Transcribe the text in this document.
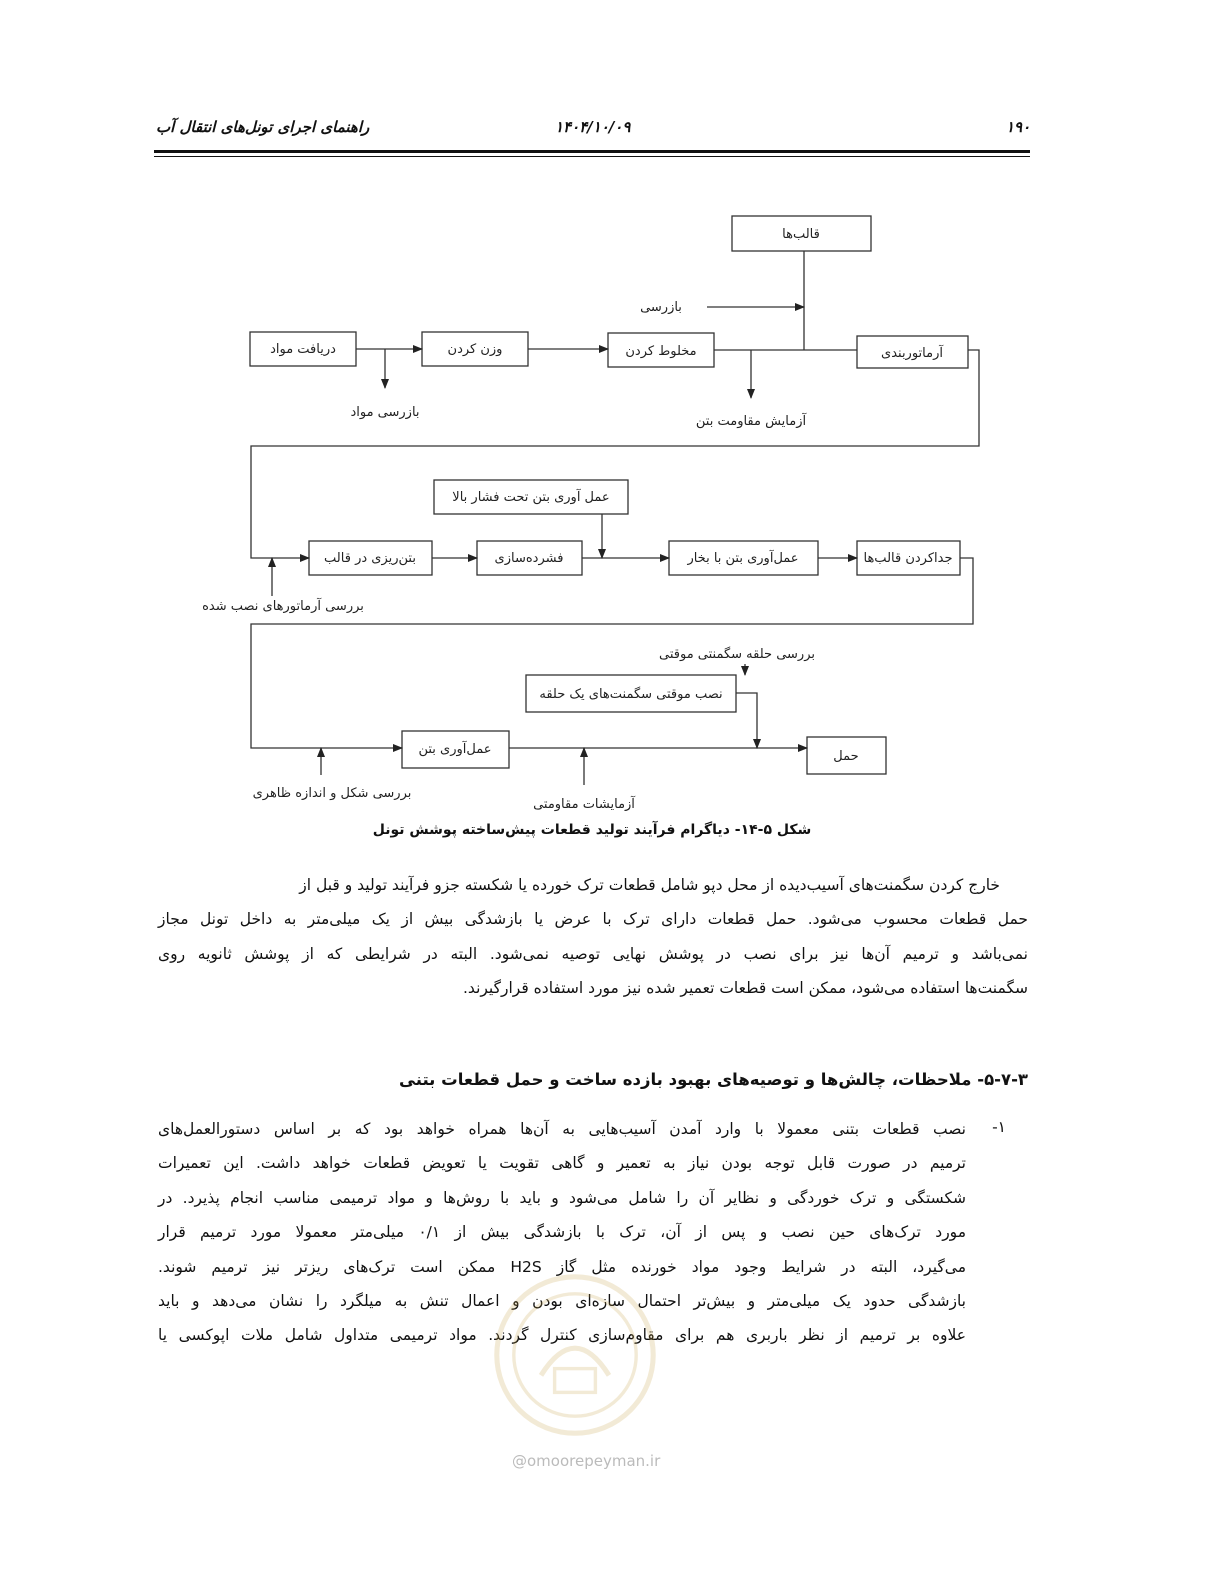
۱۹۰
۱۴۰۴/۱۰/۰۹
راهنمای اجرای تونل‌های انتقال آب
قالب‌ها
دریافت مواد	وزن کردن	مخلوط کردن	آرماتوربندی
عمل آوری بتن تحت فشار بالا
بتن‌ریزی در قالب	فشرده‌سازی	عمل‌آوری بتن با بخار	جداکردن قالب‌ها
نصب موقتی سگمنت‌های یک حلقه
عمل‌آوری بتن	حمل
بازرسی
بازرسی مواد
آزمایش مقاومت بتن
بررسی آرماتورهای نصب شده
بررسی حلقه سگمنتی موقتی
بررسی شکل و اندازه ظاهری
آزمایشات مقاومتی
شکل ۵-۱۴- دیاگرام فرآیند تولید قطعات پیش‌ساخته پوشش تونل
خارج کردن سگمنت‌های آسیب‌دیده از محل دپو شامل قطعات ترک خورده یا شکسته جزو فرآیند تولید و قبل از
حمل قطعات محسوب می‌شود. حمل قطعات دارای ترک با عرض یا بازشدگی بیش از یک میلی‌متر به داخل تونل مجاز
نمی‌باشد و ترمیم آن‌ها نیز برای نصب در پوشش نهایی توصیه نمی‌شود. البته در شرایطی که از پوشش ثانویه روی
سگمنت‌ها استفاده می‌شود، ممکن است قطعات تعمیر شده نیز مورد استفاده قرارگیرند.
۵-۷-۳- ملاحظات، چالش‌ها و توصیه‌های بهبود بازده ساخت و حمل قطعات بتنی
۱-
نصب قطعات بتنی معمولا با وارد آمدن آسیب‌هایی به آن‌ها همراه خواهد بود که بر اساس دستورالعمل‌های
ترمیم در صورت قابل توجه بودن نیاز به تعمیر و گاهی تقویت یا تعویض قطعات خواهد داشت. این تعمیرات
شکستگی و ترک خوردگی و نظایر آن را شامل می‌شود و باید با روش‌ها و مواد ترمیمی مناسب انجام پذیرد. در
مورد ترک‌های حین نصب و پس از آن، ترک با بازشدگی بیش از ۰/۱ میلی‌متر معمولا مورد ترمیم قرار
می‌گیرد، البته در شرایط وجود مواد خورنده مثل گاز H2S ممکن است ترک‌های ریزتر نیز ترمیم شوند.
بازشدگی حدود یک میلی‌متر و بیش‌تر احتمال سازه‌ای بودن و اعمال تنش به میلگرد را نشان می‌دهد و باید
علاوه بر ترمیم از نظر باربری هم برای مقاوم‌سازی کنترل گردند. مواد ترمیمی متداول شامل ملات اپوکسی یا
@omoorepeyman.ir
